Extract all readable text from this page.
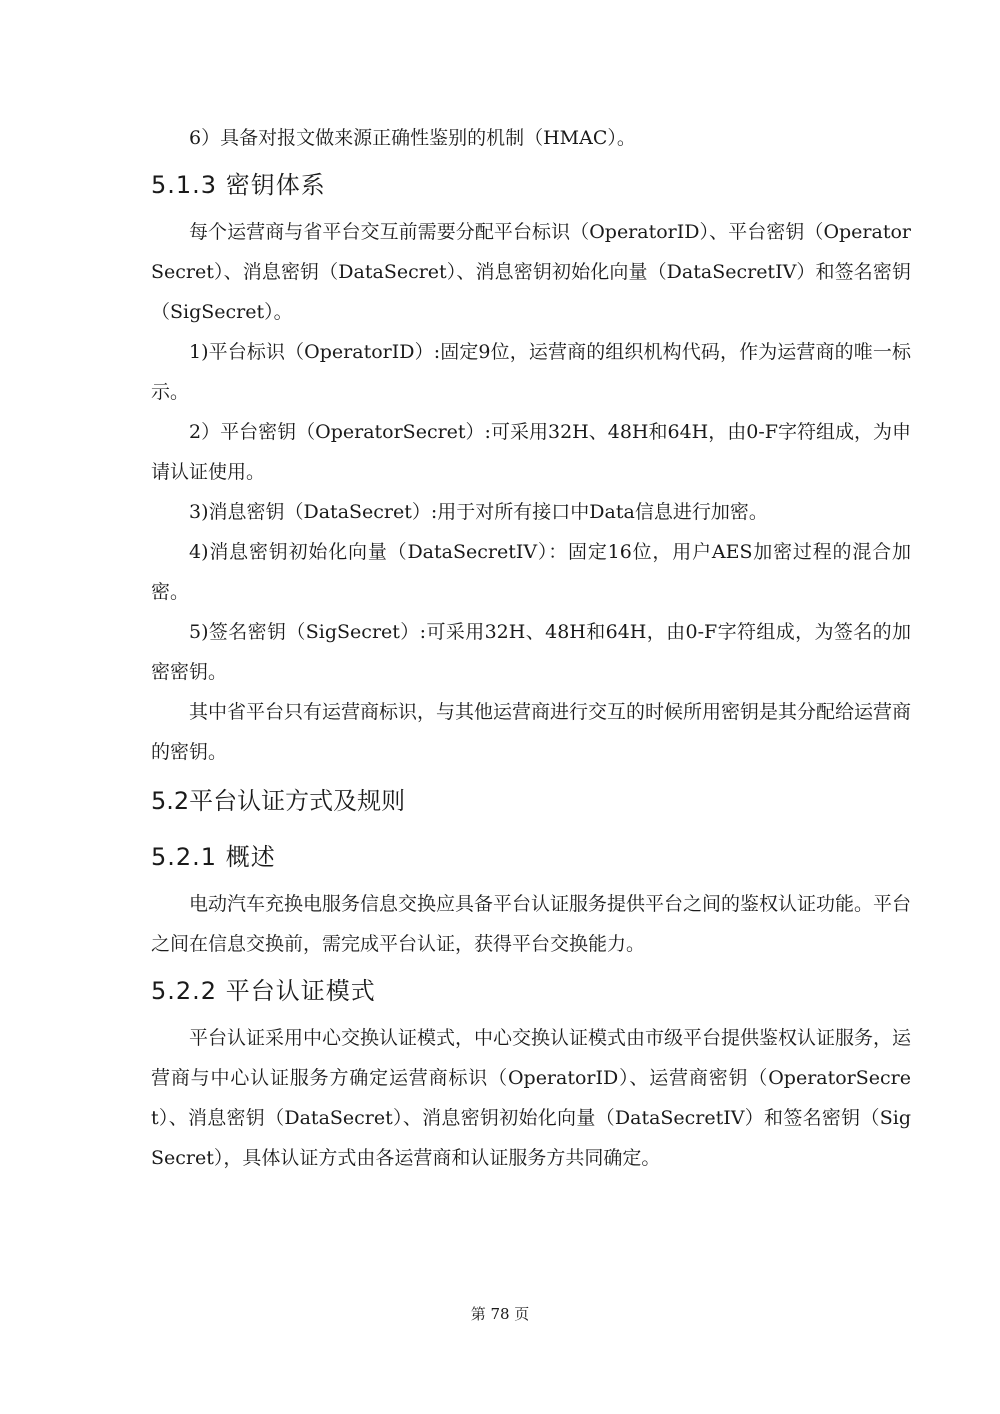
6）具备对报文做来源正确性鉴别的机制（HMAC）。

5.1.3 密钥体系

每个运营商与省平台交互前需要分配平台标识（OperatorID）、平台密钥（OperatorSecret）、消息密钥（DataSecret）、消息密钥初始化向量（DataSecretIV）和签名密钥（SigSecret）。

1)平台标识（OperatorID）:固定9位，运营商的组织机构代码，作为运营商的唯一标示。

2）平台密钥（OperatorSecret）:可采用32H、48H和64H，由0-F字符组成，为申请认证使用。

3)消息密钥（DataSecret）:用于对所有接口中Data信息进行加密。

4)消息密钥初始化向量（DataSecretIV）：固定16位，用户AES加密过程的混合加密。

5)签名密钥（SigSecret）:可采用32H、48H和64H，由0-F字符组成，为签名的加密密钥。

其中省平台只有运营商标识，与其他运营商进行交互的时候所用密钥是其分配给运营商的密钥。

5.2平台认证方式及规则
5.2.1 概述

电动汽车充换电服务信息交换应具备平台认证服务提供平台之间的鉴权认证功能。平台之间在信息交换前，需完成平台认证，获得平台交换能力。

5.2.2 平台认证模式

平台认证采用中心交换认证模式，中心交换认证模式由市级平台提供鉴权认证服务，运营商与中心认证服务方确定运营商标识（OperatorID）、运营商密钥（OperatorSecret）、消息密钥（DataSecret）、消息密钥初始化向量（DataSecretIV）和签名密钥（SigSecret），具体认证方式由各运营商和认证服务方共同确定。

第 78 页
